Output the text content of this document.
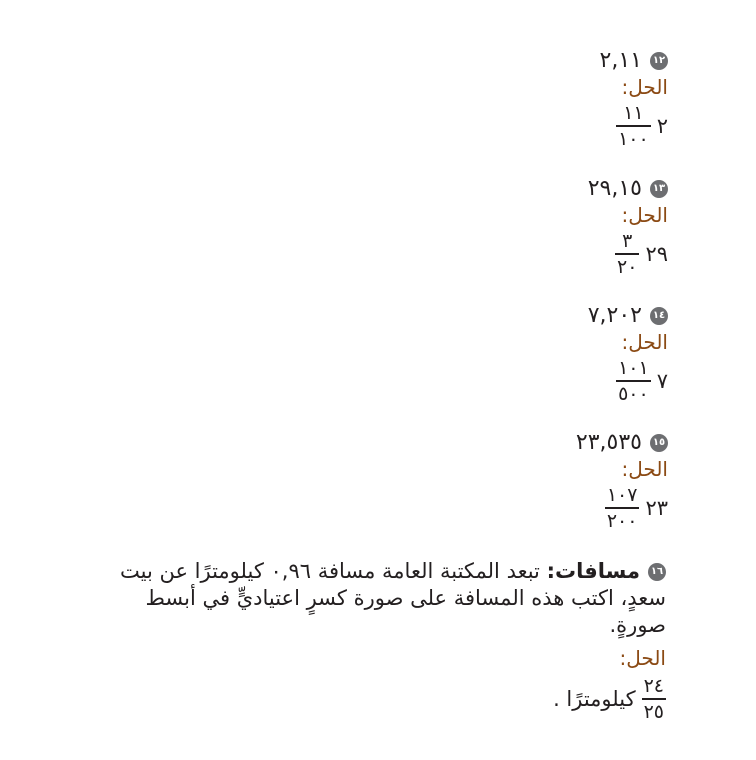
١٢
٢,١١
الحل:
٢
$\frac{١١}{١٠٠}$
١٣
٢٩,١٥
الحل:
٢٩
$\frac{٣}{٢٠}$
١٤
٧,٢٠٢
الحل:
٧
$\frac{١٠١}{٥٠٠}$
١٥
٢٣,٥٣٥
الحل:
٢٣
$\frac{١٠٧}{٢٠٠}$
١٦مسافات: تبعد المكتبة العامة مسافة ٠,٩٦ كيلومترًا عن بيت سعدٍ، اكتب هذه المسافة على صورة كسرٍ اعتياديٍّ في أبسط صورةٍ.
الحل:
$\frac{٢٤}{٢٥}$
كيلومترًا .
